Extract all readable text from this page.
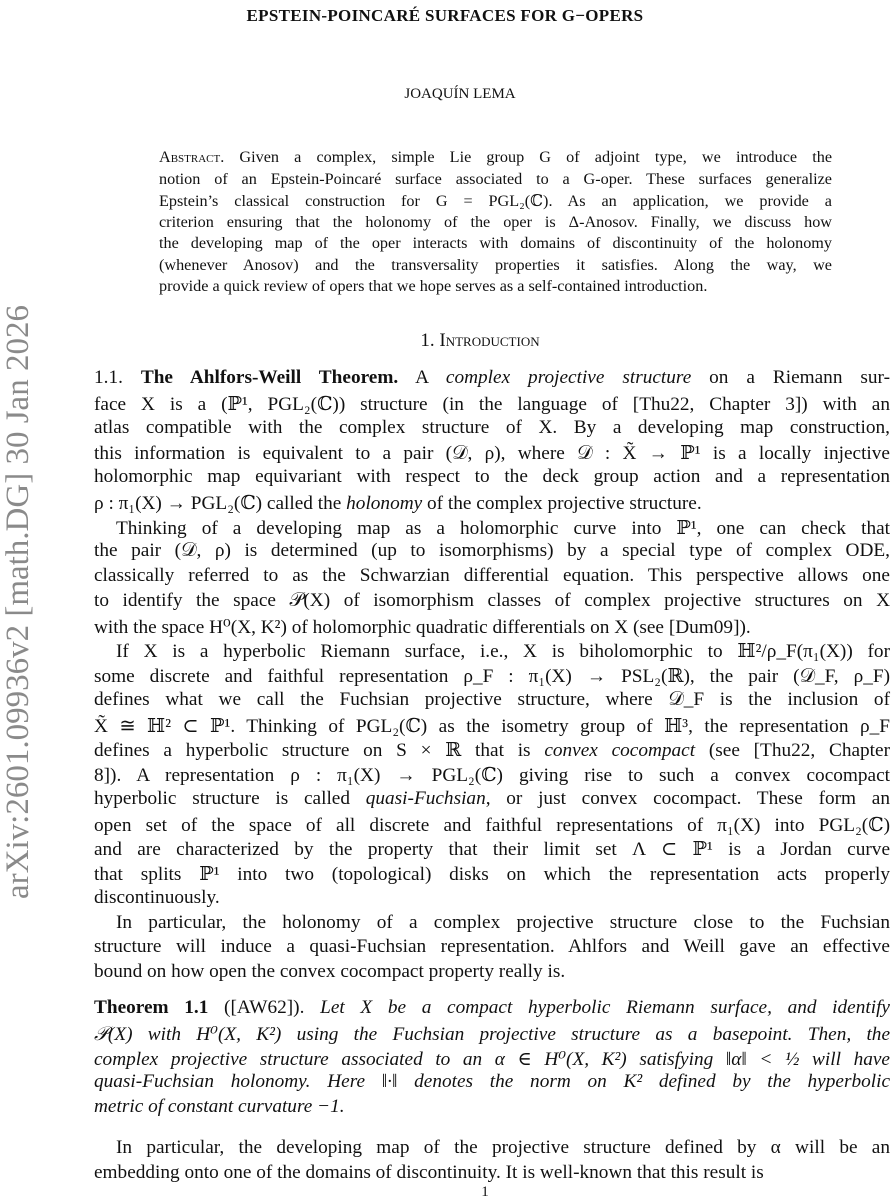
EPSTEIN-POINCARÉ SURFACES FOR G−OPERS
JOAQUÍN LEMA
arXiv:2601.09936v2 [math.DG] 30 Jan 2026
Abstract. Given a complex, simple Lie group G of adjoint type, we introduce the
notion of an Epstein-Poincaré surface associated to a G-oper. These surfaces generalize
Epstein’s classical construction for G = PGL₂(ℂ). As an application, we provide a
criterion ensuring that the holonomy of the oper is Δ-Anosov. Finally, we discuss how
the developing map of the oper interacts with domains of discontinuity of the holonomy
(whenever Anosov) and the transversality properties it satisfies. Along the way, we
provide a quick review of opers that we hope serves as a self-contained introduction.
1. Introduction
1.1. The Ahlfors-Weill Theorem. A complex projective structure on a Riemann sur-
face X is a (ℙ¹, PGL₂(ℂ)) structure (in the language of [Thu22, Chapter 3]) with an
atlas compatible with the complex structure of X. By a developing map construction,
this information is equivalent to a pair (𝒟, ρ), where 𝒟 : X̃ → ℙ¹ is a locally injective
holomorphic map equivariant with respect to the deck group action and a representation
ρ : π₁(X) → PGL₂(ℂ) called the holonomy of the complex projective structure.
Thinking of a developing map as a holomorphic curve into ℙ¹, one can check that
the pair (𝒟, ρ) is determined (up to isomorphisms) by a special type of complex ODE,
classically referred to as the Schwarzian differential equation. This perspective allows one
to identify the space 𝒫(X) of isomorphism classes of complex projective structures on X
with the space H⁰(X, K²) of holomorphic quadratic differentials on X (see [Dum09]).
If X is a hyperbolic Riemann surface, i.e., X is biholomorphic to ℍ²/ρ_F(π₁(X)) for
some discrete and faithful representation ρ_F : π₁(X) → PSL₂(ℝ), the pair (𝒟_F, ρ_F)
defines what we call the Fuchsian projective structure, where 𝒟_F is the inclusion of
X̃ ≅ ℍ² ⊂ ℙ¹. Thinking of PGL₂(ℂ) as the isometry group of ℍ³, the representation ρ_F
defines a hyperbolic structure on S × ℝ that is convex cocompact (see [Thu22, Chapter
8]). A representation ρ : π₁(X) → PGL₂(ℂ) giving rise to such a convex cocompact
hyperbolic structure is called quasi-Fuchsian, or just convex cocompact. These form an
open set of the space of all discrete and faithful representations of π₁(X) into PGL₂(ℂ)
and are characterized by the property that their limit set Λ ⊂ ℙ¹ is a Jordan curve
that splits ℙ¹ into two (topological) disks on which the representation acts properly
discontinuously.
In particular, the holonomy of a complex projective structure close to the Fuchsian
structure will induce a quasi-Fuchsian representation. Ahlfors and Weill gave an effective
bound on how open the convex cocompact property really is.
Theorem 1.1 ([AW62]). Let X be a compact hyperbolic Riemann surface, and identify
𝒫(X) with H⁰(X, K²) using the Fuchsian projective structure as a basepoint. Then, the
complex projective structure associated to an α ∈ H⁰(X, K²) satisfying ‖α‖ < ½ will have
quasi-Fuchsian holonomy. Here ‖·‖ denotes the norm on K² defined by the hyperbolic
metric of constant curvature −1.
In particular, the developing map of the projective structure defined by α will be an
embedding onto one of the domains of discontinuity. It is well-known that this result is
1
